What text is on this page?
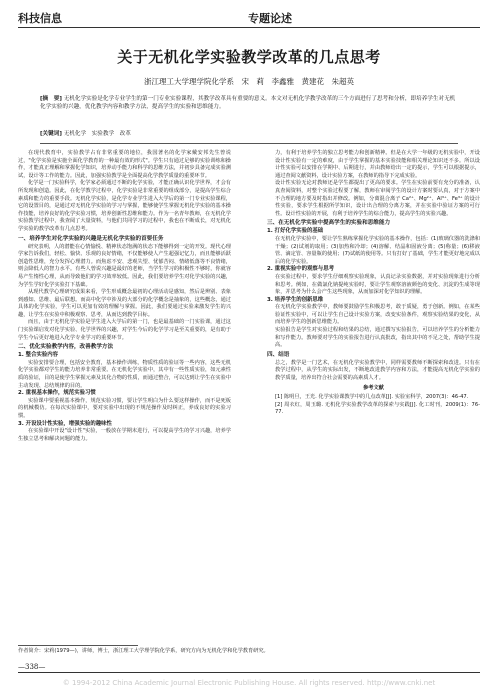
科技信息	专题论述
关于无机化学实验教学改革的几点思考
浙江理工大学理学院化学系　宋　莉　李鑫雅　黄建花　朱超英
[摘　要] 无机化学实验是化学专业学生的第一门专业实验课程，其教学改革具有重要的意义。本文对无机化学教学改革的三个方面进行了思考和分析，即培养学生对无机化学实验的兴趣，优化教学内容和教学方法，提高学生的实验和思维能力。
[关键词] 无机化学　实验教学　改革

在现代教育中，实验教学占有非常重要的地位，我国著名的化学家戴安邦先生曾说过，"化学实验是实施全面化学教育的一种最有效的形式"。学生只有通过足够的实验训练和操作，才能真正理解和掌握化学知识，培养动手能力和科学的思维方法，并初步具备完成实验测试，设计等工作的能力。因此，加强实验教学是全面提高化学教学质量的重要环节。

化学是一门实验科学，化学家必须通过不断的化学实验，才能正确认识化学世界，才会有所发现和创造。因此，在化学教学过程中，化学实验是非常重要的组成部分，是提高学生综合素质和能力的重要手段。无机化学实验，是化学专业学生进入大学后的第一门专业实验课程，它的设置目的，是通过对无机化学实验的学习与掌握，能够使学生掌握无机化学实验的基本操作技能，培养良好的化学实验习惯，培养创新性思维和能力。作为一名青年教师，在无机化学实验教学过程中，我查阅了大量资料，与他们共同学习的过程中，我也在不断成长，对无机化学实验的教学改革有几点思考。

一、培养学生对化学实验的兴趣是无机化学实验的首要任务

研究表明，人的潜能在心情愉悦、精神状态饱满的状态下能够得到一定的开发。现代心理学家告诉我们，轻松、愉快、乐观的良好情绪，不仅能够使人产生超强记忆力，而且能够活跃创造性思维，充分发挥心理潜力。而焦虑不安、悲观失望、忧郁苦闷、情绪低落等不良情绪，则会降低人的智力水平。有些人曾说兴趣是最好的老师，当学生学习的积极性不够时，你就容易产生惰性心理，从而导致他们的学习效率较低。因此，我们要培养学生对化学实验的兴趣，为学生学好化学实验打下基础。

从现代教学心理研究成果来看，学生形成概念最初的心理活动是感知，然后是辨别、表象到感知、思维、最后联想。而高中化学中涉及的大部分的化学概念是抽象的，这些概念，通过具体的化学实验，学生可以更加有效的理解与掌握。因此，我们要通过实验来激发学生的兴趣，让学生在实验中积极观察、思考，从而达到教学目标。

而且，由于无机化学实验是学生进入大学后的第一门，也是最基础的一门实验课，通过这门实验课启发对化学实验、化学世界的兴趣，对学生今后的化学学习是至关重要的，是有助于学生今后更好地进入化学专业学习的重要环节。

二、优化实验教学内容，改善教学方法
1. 整合实验内容

实验安排要合理，包括安全教育，基本操作训练，物质性质的验证等一些内容，这些无机化学实验都对学生的能力培养非常重要。在无机化学实验中，其中有一些性质实验，如元素性质的验证，目的是使学生掌握元素及其化合物的性质，而通过整合，可以达到让学生在实验中主动发现、总结规律的目的。

2. 重视基本操作，规范实验习惯

实验课中要重视基本操作，规范实验习惯，要让学生明白为什么要这样操作，而不是死板的机械模仿。在每次实验课中，要对实验中出现的不规范操作及时纠正，养成良好的实验习惯。

3. 开设设计性实验，增强实验的趣味性

在实验课中开设"设计性"实验，一般放在学期末进行，可以提高学生的学习兴趣，培养学生独立思考和解决问题的能力。

力，有利于培养学生的独立思考能力和创新精神。但是在大学一年级的无机实验中，开设设计性实验有一定的难度，由于学生掌握的基本实验技能和相关理论知识还不多。所以设计性实验可以安排在学期中、后期进行，并由教师给出一定的提示，学生可以根据提示，通过查阅文献资料，设计实验方案，在教师的指导下完成实验。

设计性实验无论对教师还是学生都提出了更高的要求。学生在实验前要有充分的准备，认真查阅资料，对整个实验过程要了解，教师在审阅学生的设计方案时要认真，对于方案中不合理的地方要及时指出并修改。例如，分离混合离子 Ca²⁺、Mg²⁺、Al³⁺、Fe³⁺ 的设计性实验，要求学生根据所学知识，设计出合理的分离方案，并在实验中验证方案的可行性。设计性实验的开展，有利于培养学生的综合能力，提高学生的实验兴趣。

三、在无机化学实验中提高学生的实验和思维能力
1. 打好化学实验的基础

在无机化学实验中，要让学生熟练掌握化学实验的基本操作，包括：(1)玻璃仪器的洗涤和干燥；(2)试剂的取用；(3)加热和冷却；(4)溶解、结晶和固液分离；(5)称量；(6)移液管、滴定管、容量瓶的使用；(7)试纸的使用等。只有打好了基础，学生才能更好地完成以后的化学实验。

2. 重视实验中的观察与思考

在实验过程中，要求学生仔细观察实验现象，认真记录实验数据，并对实验现象进行分析和思考。例如，在做氯化钠提纯实验时，要让学生观察溶液颜色的变化、沉淀的生成等现象，并思考为什么会产生这些现象，从而加深对化学知识的理解。

3. 培养学生的创新思维

在无机化学实验教学中，教师要鼓励学生积极思考，敢于质疑，勇于创新。例如，在某些验证性实验中，可以让学生自己设计实验方案，改变实验条件，观察实验结果的变化，从而培养学生的创新思维能力。

实验报告是学生对实验过程和结果的总结，通过撰写实验报告，可以培养学生的分析能力和写作能力。教师要对学生的实验报告进行认真批改，指出其中的不足之处，帮助学生提高。

四、结语

总之，教学是一门艺术，在无机化学实验教学中，同样需要教师不断探索和改进。只有在教学过程中，从学生的实际出发，不断地改进教学内容和方法，才能提高无机化学实验的教学质量，培养出符合社会需要的高素质人才。

参考文献

[1] 陈明旦，王光. 化学实验课教学中的几点改革[J]. 实验室科学，2007(3)：46-47.

[2] 周衣红，周玉璐. 无机化学实验教学改革的探索与实践[J]. 化工时刊，2009(1)：76-77.

作者简介：宋莉(1979—)，讲师，博士，浙江理工大学理学院化学系，研究方向为无机化学和化学教育研究。
—338—
© 1994-2012 China Academic Journal Electronic Publishing House. All rights reserved. http://www.cnki.net
